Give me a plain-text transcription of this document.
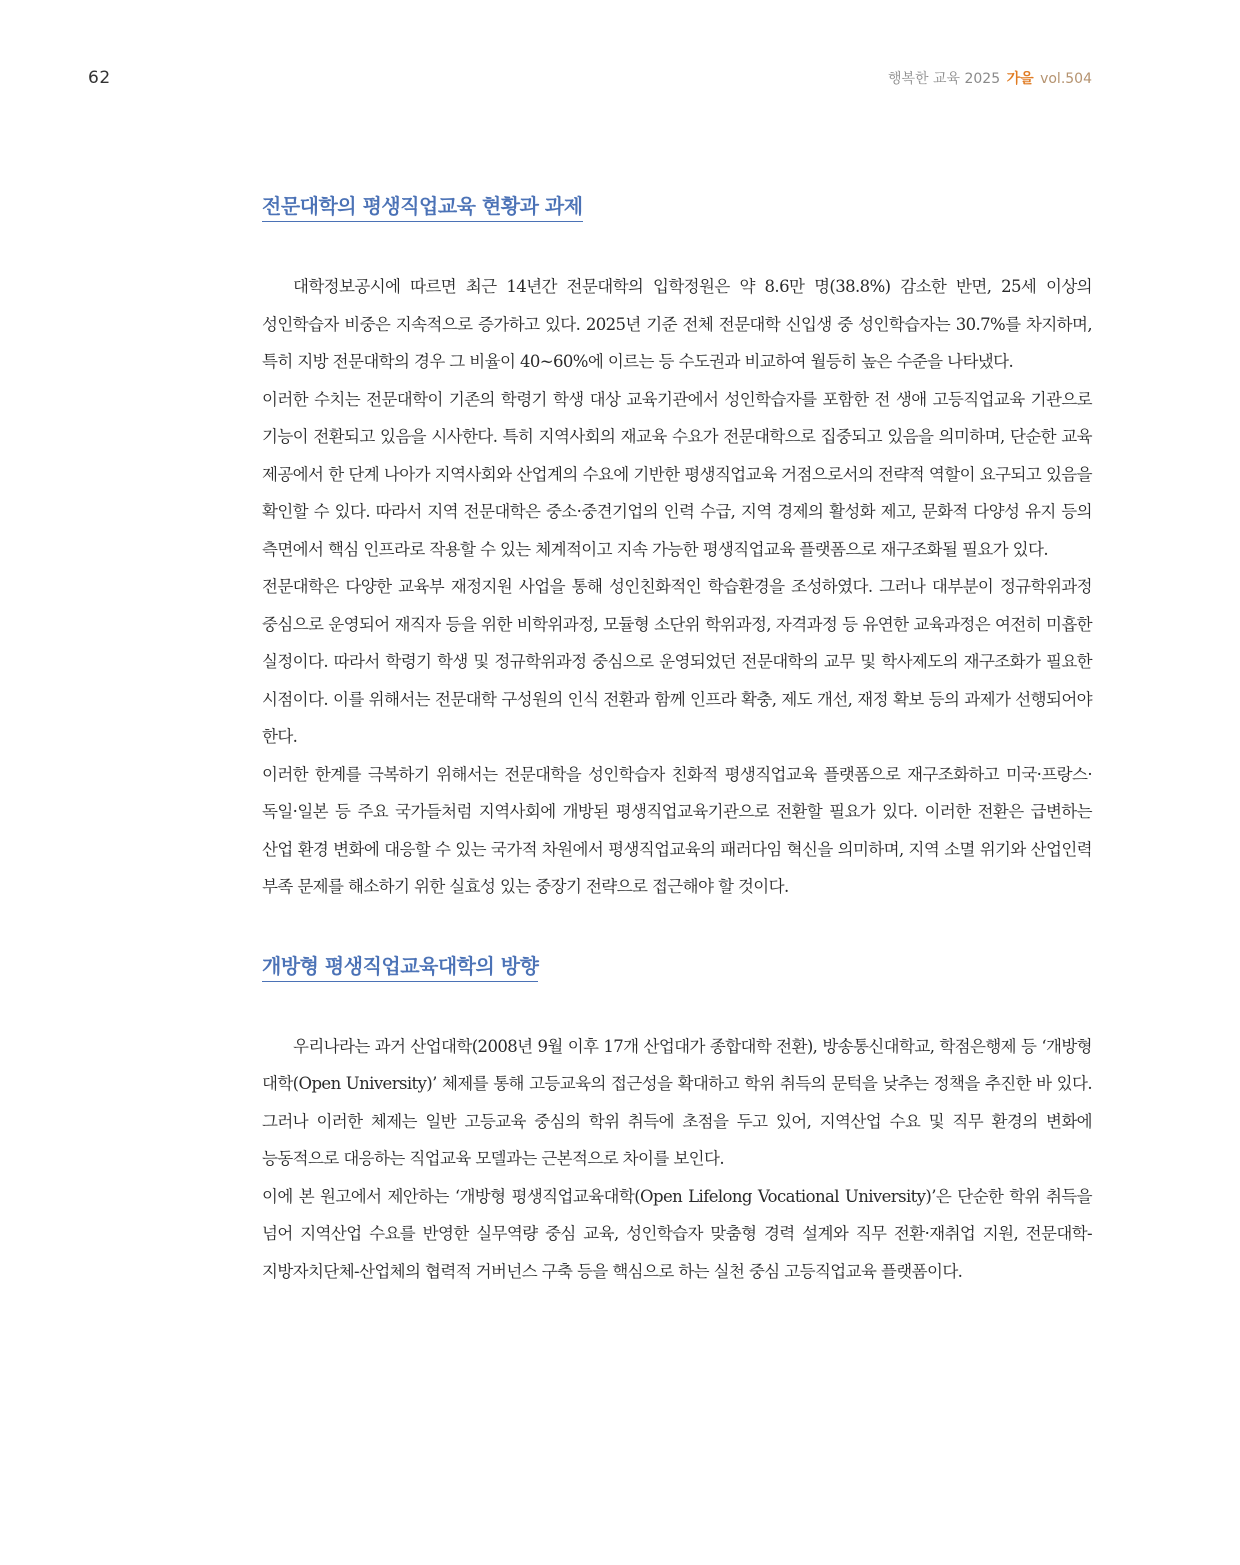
62	행복한 교육 2025 가을 vol.504
전문대학의 평생직업교육 현황과 과제

대학정보공시에 따르면 최근 14년간 전문대학의 입학정원은 약 8.6만 명(38.8%) 감소한 반면, 25세 이상의 성인학습자 비중은 지속적으로 증가하고 있다. 2025년 기준 전체 전문대학 신입생 중 성인학습자는 30.7%를 차지하며, 특히 지방 전문대학의 경우 그 비율이 40~60%에 이르는 등 수도권과 비교하여 월등히 높은 수준을 나타냈다.

이러한 수치는 전문대학이 기존의 학령기 학생 대상 교육기관에서 성인학습자를 포함한 전 생애 고등직업교육 기관으로 기능이 전환되고 있음을 시사한다. 특히 지역사회의 재교육 수요가 전문대학으로 집중되고 있음을 의미하며, 단순한 교육 제공에서 한 단계 나아가 지역사회와 산업계의 수요에 기반한 평생직업교육 거점으로서의 전략적 역할이 요구되고 있음을 확인할 수 있다. 따라서 지역 전문대학은 중소·중견기업의 인력 수급, 지역 경제의 활성화 제고, 문화적 다양성 유지 등의 측면에서 핵심 인프라로 작용할 수 있는 체계적이고 지속 가능한 평생직업교육 플랫폼으로 재구조화될 필요가 있다.

전문대학은 다양한 교육부 재정지원 사업을 통해 성인친화적인 학습환경을 조성하였다. 그러나 대부분이 정규학위과정 중심으로 운영되어 재직자 등을 위한 비학위과정, 모듈형 소단위 학위과정, 자격과정 등 유연한 교육과정은 여전히 미흡한 실정이다. 따라서 학령기 학생 및 정규학위과정 중심으로 운영되었던 전문대학의 교무 및 학사제도의 재구조화가 필요한 시점이다. 이를 위해서는 전문대학 구성원의 인식 전환과 함께 인프라 확충, 제도 개선, 재정 확보 등의 과제가 선행되어야 한다.

이러한 한계를 극복하기 위해서는 전문대학을 성인학습자 친화적 평생직업교육 플랫폼으로 재구조화하고 미국·프랑스·독일·일본 등 주요 국가들처럼 지역사회에 개방된 평생직업교육기관으로 전환할 필요가 있다. 이러한 전환은 급변하는 산업 환경 변화에 대응할 수 있는 국가적 차원에서 평생직업교육의 패러다임 혁신을 의미하며, 지역 소멸 위기와 산업인력 부족 문제를 해소하기 위한 실효성 있는 중장기 전략으로 접근해야 할 것이다.

개방형 평생직업교육대학의 방향

우리나라는 과거 산업대학(2008년 9월 이후 17개 산업대가 종합대학 전환), 방송통신대학교, 학점은행제 등 ‘개방형 대학(Open University)’ 체제를 통해 고등교육의 접근성을 확대하고 학위 취득의 문턱을 낮추는 정책을 추진한 바 있다. 그러나 이러한 체제는 일반 고등교육 중심의 학위 취득에 초점을 두고 있어, 지역산업 수요 및 직무 환경의 변화에 능동적으로 대응하는 직업교육 모델과는 근본적으로 차이를 보인다.

이에 본 원고에서 제안하는 ‘개방형 평생직업교육대학(Open Lifelong Vocational University)’은 단순한 학위 취득을 넘어 지역산업 수요를 반영한 실무역량 중심 교육, 성인학습자 맞춤형 경력 설계와 직무 전환·재취업 지원, 전문대학-지방자치단체-산업체의 협력적 거버넌스 구축 등을 핵심으로 하는 실천 중심 고등직업교육 플랫폼이다.
